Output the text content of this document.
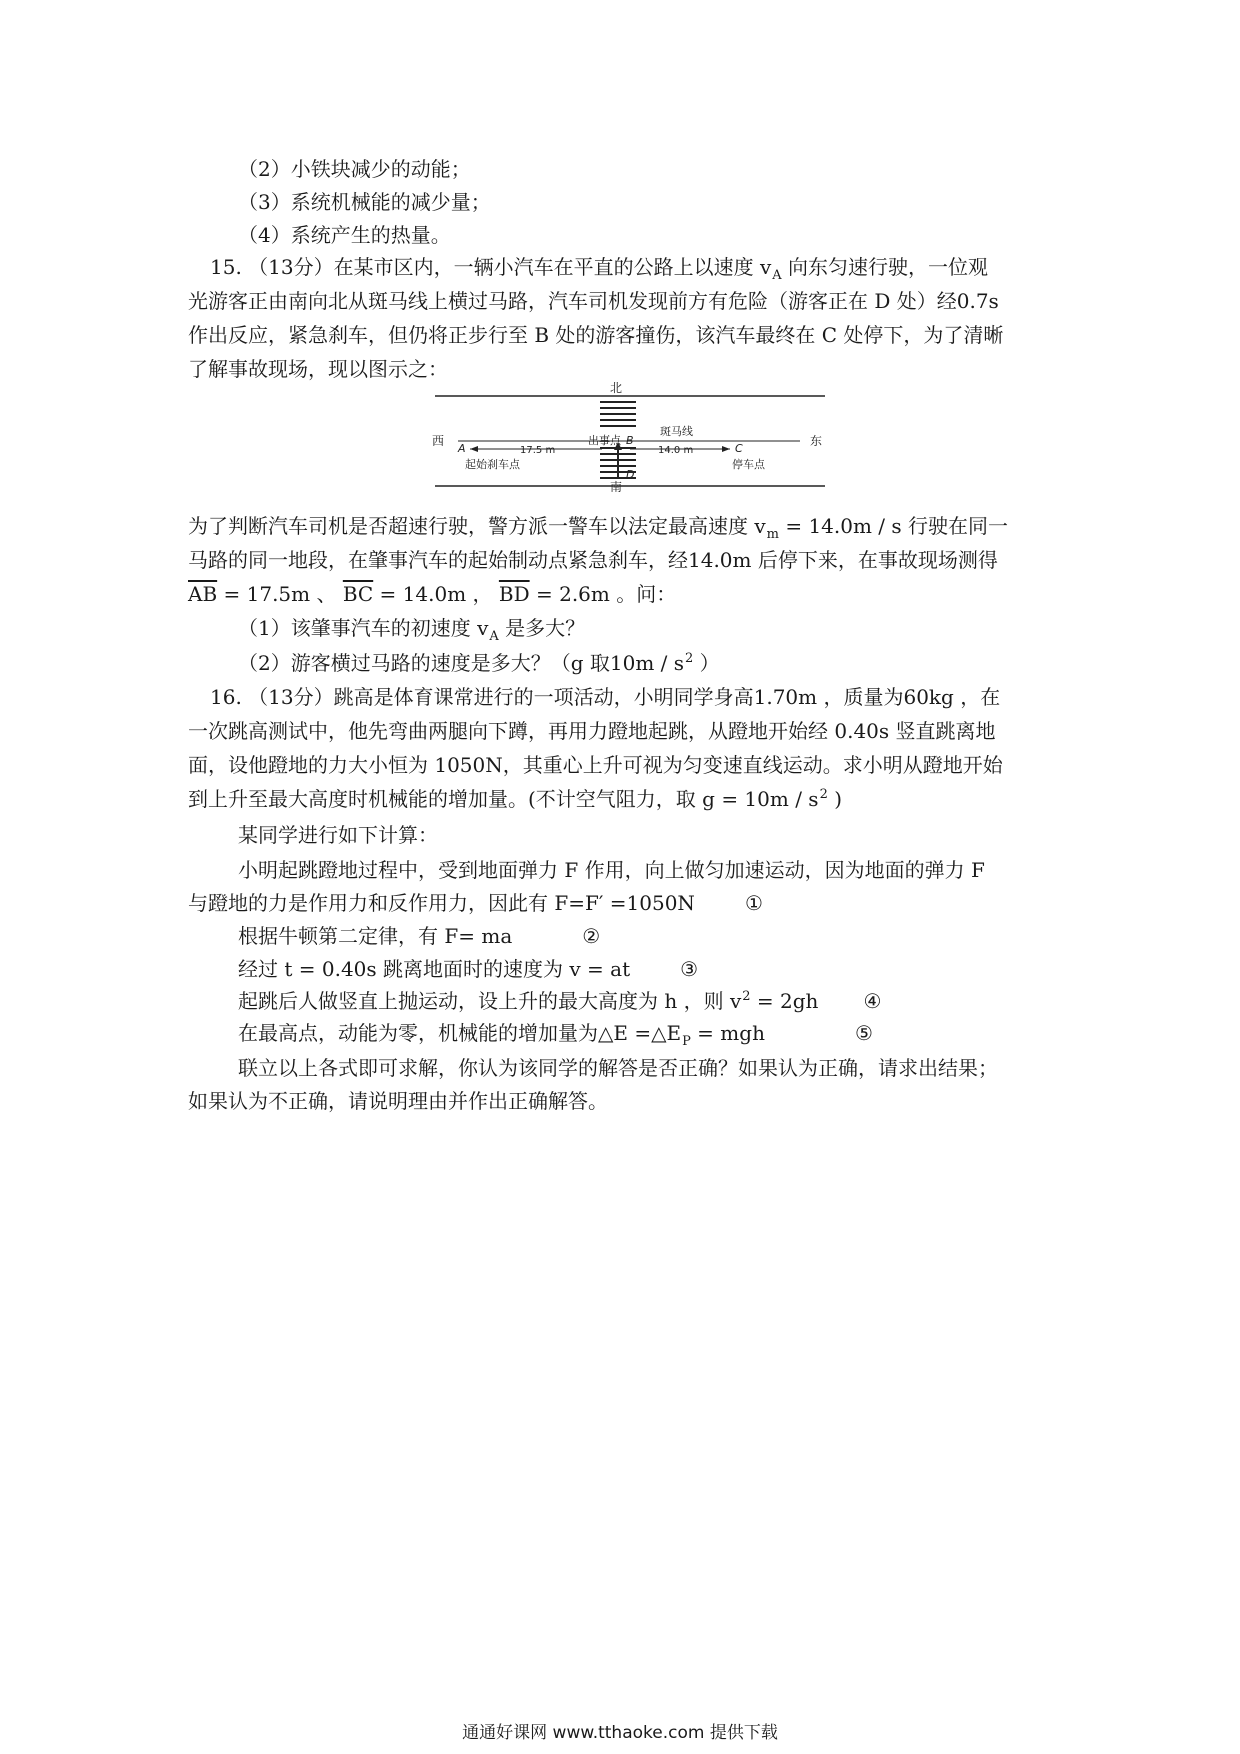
（2）小铁块减少的动能；
（3）系统机械能的减少量；
（4）系统产生的热量。
15. （13分）在某市区内，一辆小汽车在平直的公路上以速度 $v_A$ 向东匀速行驶，一位观
光游客正由南向北从斑马线上横过马路，汽车司机发现前方有危险（游客正在 D 处）经0.7s
作出反应，紧急刹车，但仍将正步行至 B 处的游客撞伤，该汽车最终在 C 处停下，为了清晰
了解事故现场，现以图示之：
北
南
西	东
斑马线
出事点
A
B
C
D
17.5 m	14.0 m
起始刹车点	停车点
为了判断汽车司机是否超速行驶，警方派一警车以法定最高速度 $v_m = 14.0m / s$ 行驶在同一
马路的同一地段，在肇事汽车的起始制动点紧急刹车，经14.0m 后停下来，在事故现场测得
$\overline{AB} = 17.5m$ 、 $\overline{BC} = 14.0m$ ， $\overline{BD} = 2.6m$ 。问：
（1）该肇事汽车的初速度 $v_A$ 是多大？
（2）游客横过马路的速度是多大？（g 取$10m / s^2$ ）
16. （13分）跳高是体育课常进行的一项活动，小明同学身高1.70m ，质量为60kg ，在
一次跳高测试中，他先弯曲两腿向下蹲，再用力蹬地起跳，从蹬地开始经 0.40s 竖直跳离地
面，设他蹬地的力大小恒为 1050N，其重心上升可视为匀变速直线运动。求小明从蹬地开始
到上升至最大高度时机械能的增加量。(不计空气阻力，取 $g = 10m / s^2$ )
某同学进行如下计算：
小明起跳蹬地过程中，受到地面弹力 F 作用，向上做匀加速运动，因为地面的弹力 F
与蹬地的力是作用力和反作用力，因此有 F=F′ =1050N	①
根据牛顿第二定律，有 F= ma	②
经过 t = 0.40s 跳离地面时的速度为 v = at	③
起跳后人做竖直上抛运动，设上升的最大高度为 h ，则 $v^2 = 2gh$ ④
在最高点，动能为零，机械能的增加量为△E $=\triangle E_P$ = mgh	⑤
联立以上各式即可求解，你认为该同学的解答是否正确？如果认为正确，请求出结果；
如果认为不正确，请说明理由并作出正确解答。
通通好课网 www.tthaoke.com 提供下载
